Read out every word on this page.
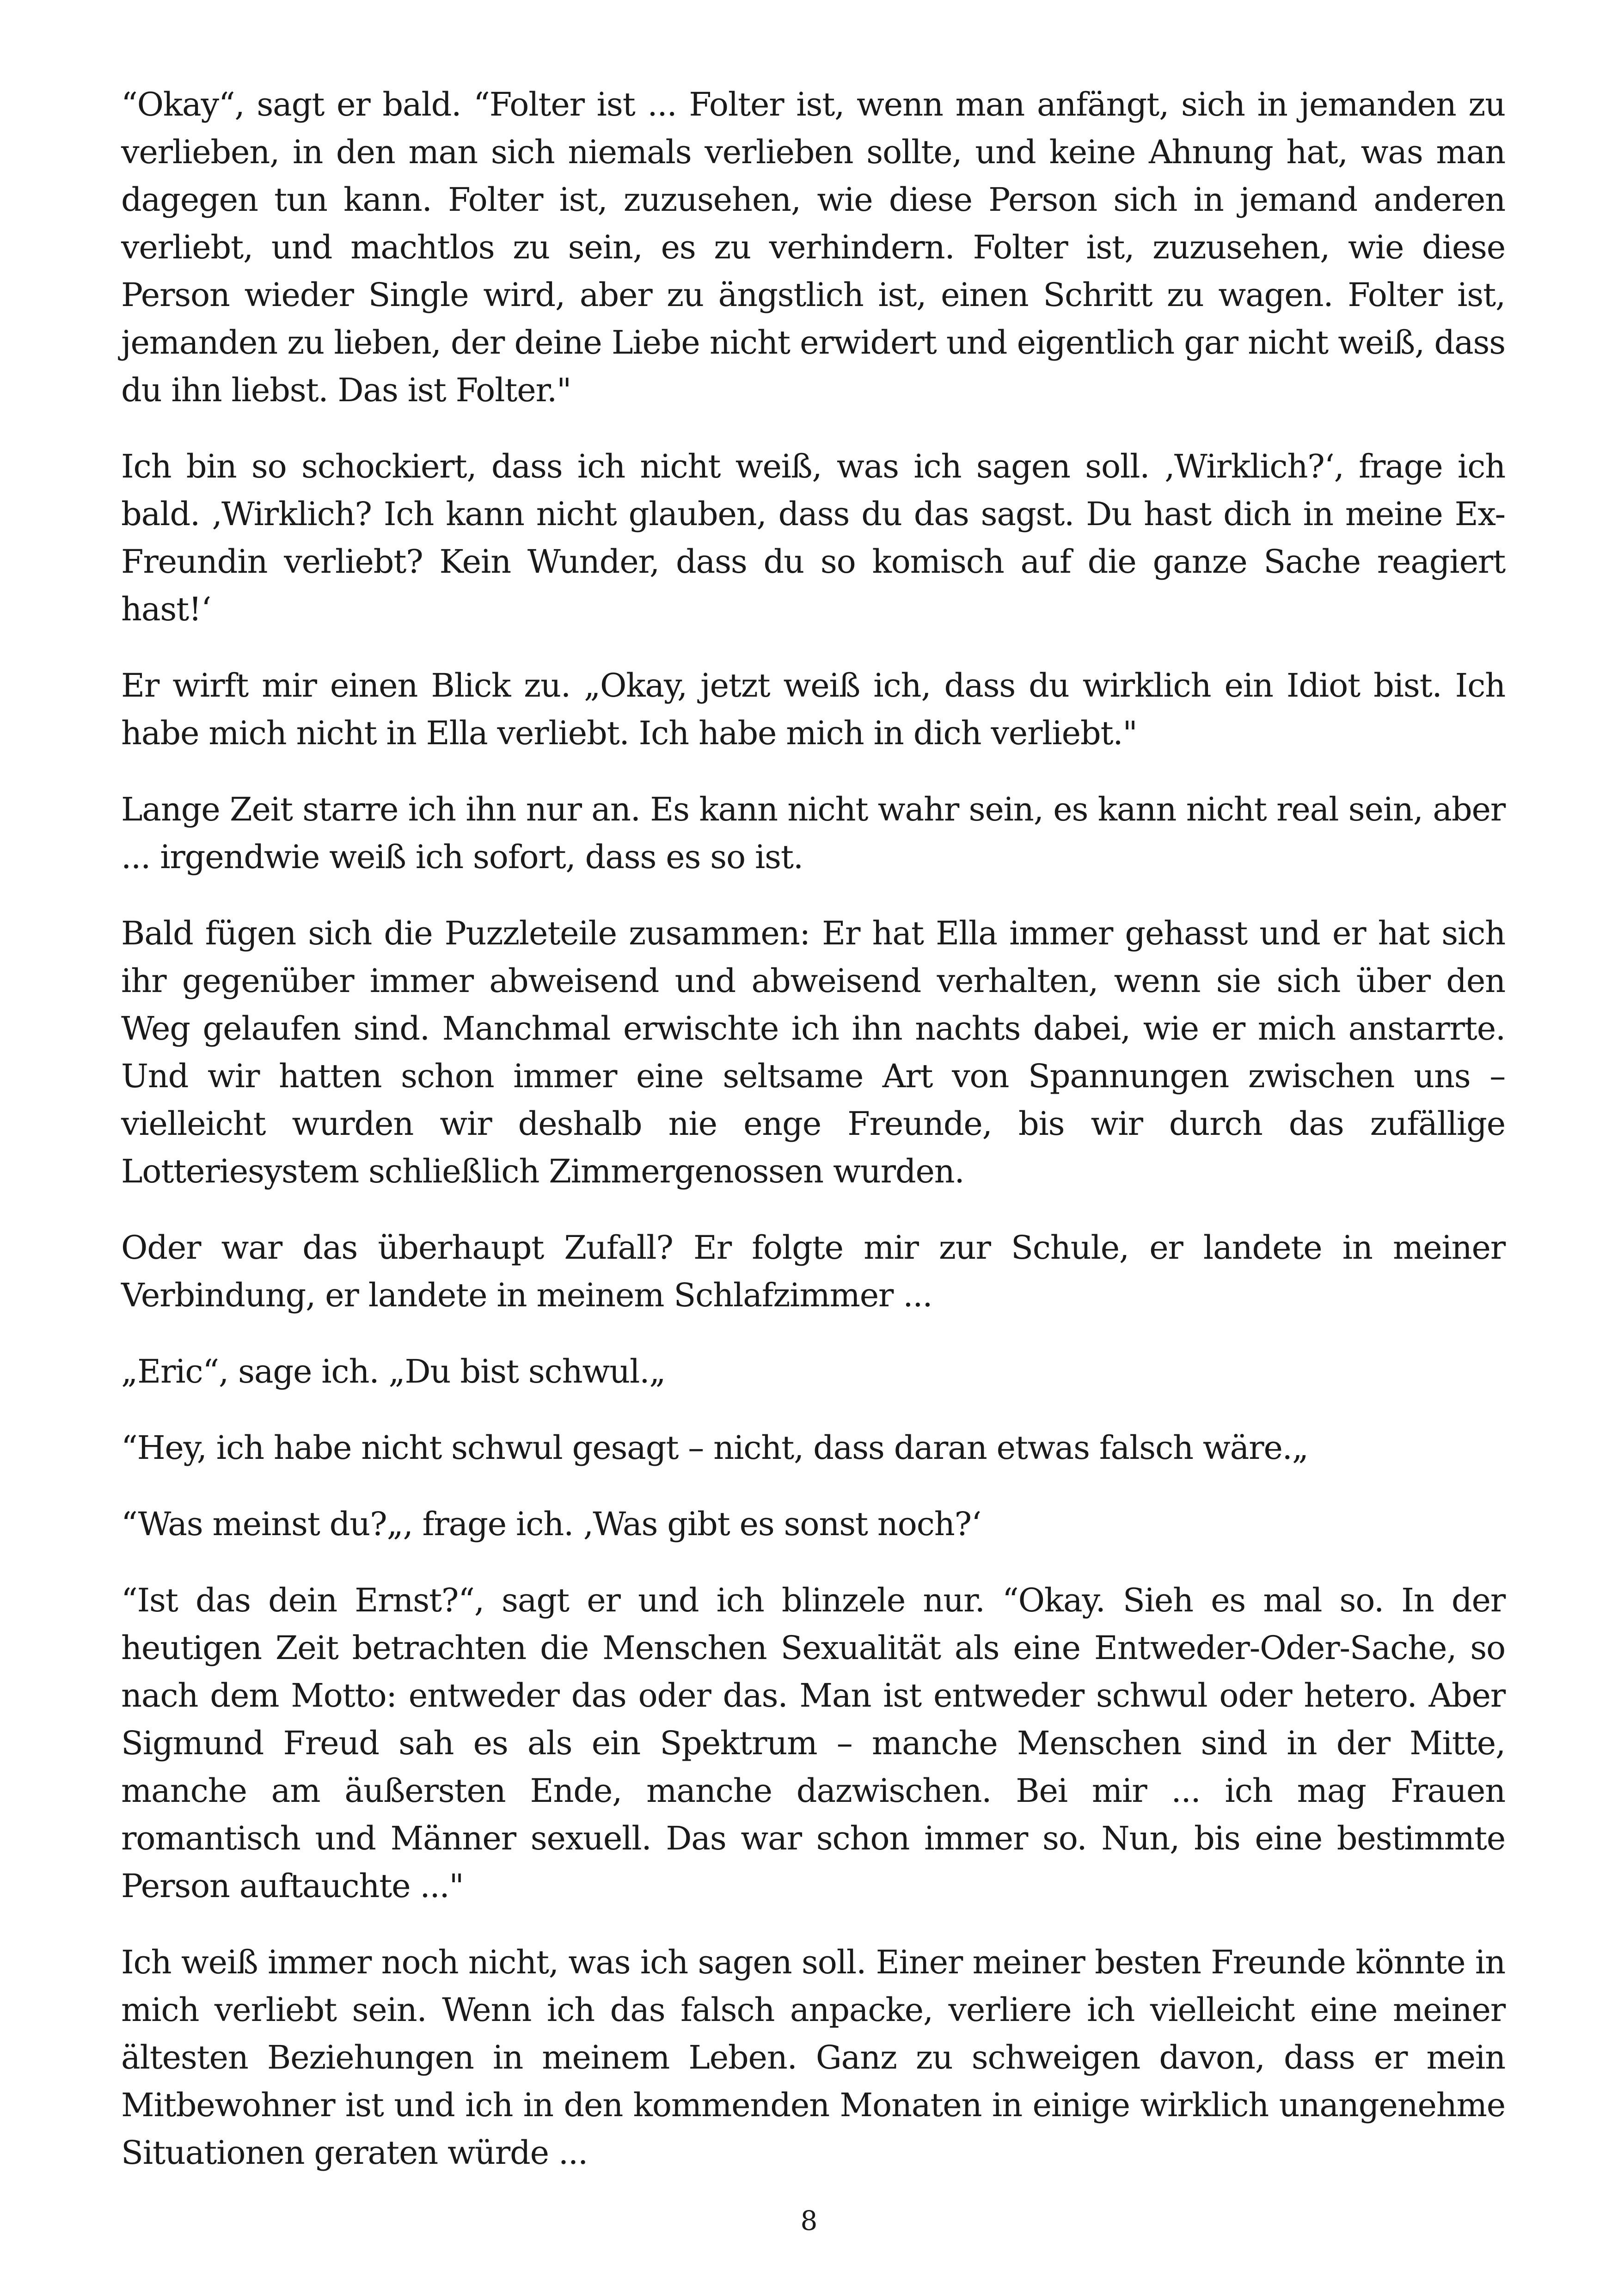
“Okay“, sagt er bald. “Folter ist ... Folter ist, wenn man anfängt, sich in jemanden zu verlieben, in den man sich niemals verlieben sollte, und keine Ahnung hat, was man dagegen tun kann. Folter ist, zuzusehen, wie diese Person sich in jemand anderen verliebt, und machtlos zu sein, es zu verhindern. Folter ist, zuzusehen, wie diese Person wieder Single wird, aber zu ängstlich ist, einen Schritt zu wagen. Folter ist, jemanden zu lieben, der deine Liebe nicht erwidert und eigentlich gar nicht weiß, dass du ihn liebst. Das ist Folter."

Ich bin so schockiert, dass ich nicht weiß, was ich sagen soll. ‚Wirklich?‘, frage ich bald. ‚Wirklich? Ich kann nicht glauben, dass du das sagst. Du hast dich in meine Ex-Freundin verliebt? Kein Wunder, dass du so komisch auf die ganze Sache reagiert hast!‘

Er wirft mir einen Blick zu. „Okay, jetzt weiß ich, dass du wirklich ein Idiot bist. Ich habe mich nicht in Ella verliebt. Ich habe mich in dich verliebt."

Lange Zeit starre ich ihn nur an. Es kann nicht wahr sein, es kann nicht real sein, aber ... irgendwie weiß ich sofort, dass es so ist.

Bald fügen sich die Puzzleteile zusammen: Er hat Ella immer gehasst und er hat sich ihr gegenüber immer abweisend und abweisend verhalten, wenn sie sich über den Weg gelaufen sind. Manchmal erwischte ich ihn nachts dabei, wie er mich anstarrte. Und wir hatten schon immer eine seltsame Art von Spannungen zwischen uns – vielleicht wurden wir deshalb nie enge Freunde, bis wir durch das zufällige Lotteriesystem schließlich Zimmergenossen wurden.

Oder war das überhaupt Zufall? Er folgte mir zur Schule, er landete in meiner Verbindung, er landete in meinem Schlafzimmer ...

„Eric“, sage ich. „Du bist schwul.„

“Hey, ich habe nicht schwul gesagt – nicht, dass daran etwas falsch wäre.„

“Was meinst du?„, frage ich. ‚Was gibt es sonst noch?‘

“Ist das dein Ernst?“, sagt er und ich blinzele nur. “Okay. Sieh es mal so. In der heutigen Zeit betrachten die Menschen Sexualität als eine Entweder-Oder-Sache, so nach dem Motto: entweder das oder das. Man ist entweder schwul oder hetero. Aber Sigmund Freud sah es als ein Spektrum – manche Menschen sind in der Mitte, manche am äußersten Ende, manche dazwischen. Bei mir ... ich mag Frauen romantisch und Männer sexuell. Das war schon immer so. Nun, bis eine bestimmte Person auftauchte ..."

Ich weiß immer noch nicht, was ich sagen soll. Einer meiner besten Freunde könnte in mich verliebt sein. Wenn ich das falsch anpacke, verliere ich vielleicht eine meiner ältesten Beziehungen in meinem Leben. Ganz zu schweigen davon, dass er mein Mitbewohner ist und ich in den kommenden Monaten in einige wirklich unangenehme Situationen geraten würde ...

8
